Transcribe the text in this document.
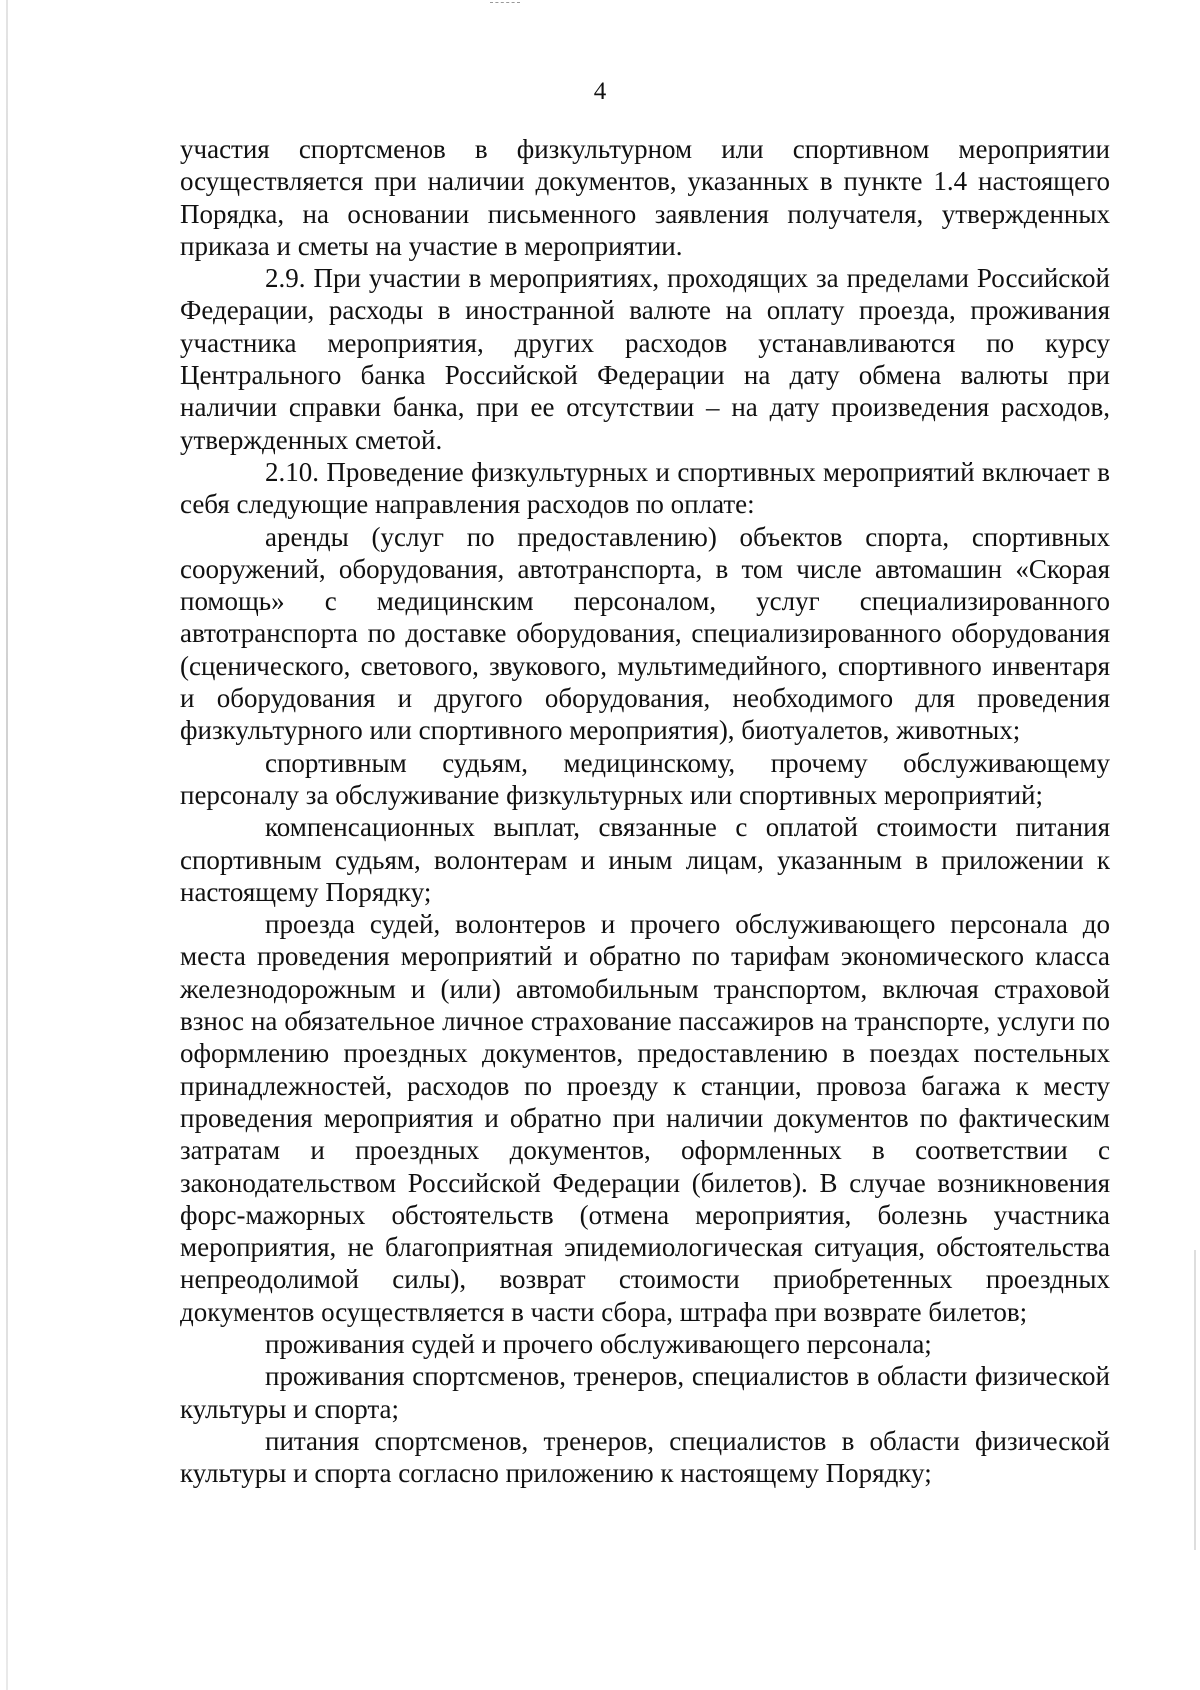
4

участия спортсменов в физкультурном или спортивном мероприятии осуществляется при наличии документов, указанных в пункте 1.4 настоящего Порядка, на основании письменного заявления получателя, утвержденных приказа и сметы на участие в мероприятии.

2.9. При участии в мероприятиях, проходящих за пределами Российской Федерации, расходы в иностранной валюте на оплату проезда, проживания участника мероприятия, других расходов устанавливаются по курсу Центрального банка Российской Федерации на дату обмена валюты при наличии справки банка, при ее отсутствии – на дату произведения расходов, утвержденных сметой.

2.10. Проведение физкультурных и спортивных мероприятий включает в себя следующие направления расходов по оплате:

аренды (услуг по предоставлению) объектов спорта, спортивных сооружений, оборудования, автотранспорта, в том числе автомашин «Скорая помощь» с медицинским персоналом, услуг специализированного автотранспорта по доставке оборудования, специализированного оборудования (сценического, светового, звукового, мультимедийного, спортивного инвентаря и оборудования и другого оборудования, необходимого для проведения физкультурного или спортивного мероприятия), биотуалетов, животных;

спортивным судьям, медицинскому, прочему обслуживающему персоналу за обслуживание физкультурных или спортивных мероприятий;

компенсационных выплат, связанные с оплатой стоимости питания спортивным судьям, волонтерам и иным лицам, указанным в приложении к настоящему Порядку;

проезда судей, волонтеров и прочего обслуживающего персонала до места проведения мероприятий и обратно по тарифам экономического класса железнодорожным и (или) автомобильным транспортом, включая страховой взнос на обязательное личное страхование пассажиров на транспорте, услуги по оформлению проездных документов, предоставлению в поездах постельных принадлежностей, расходов по проезду к станции, провоза багажа к месту проведения мероприятия и обратно при наличии документов по фактическим затратам и проездных документов, оформленных в соответствии с законодательством Российской Федерации (билетов). В случае возникновения форс-мажорных обстоятельств (отмена мероприятия, болезнь участника мероприятия, не благоприятная эпидемиологическая ситуация, обстоятельства непреодолимой силы), возврат стоимости приобретенных проездных документов осуществляется в части сбора, штрафа при возврате билетов;

проживания судей и прочего обслуживающего персонала;

проживания спортсменов, тренеров, специалистов в области физической культуры и спорта;

питания спортсменов, тренеров, специалистов в области физической культуры и спорта согласно приложению к настоящему Порядку;
